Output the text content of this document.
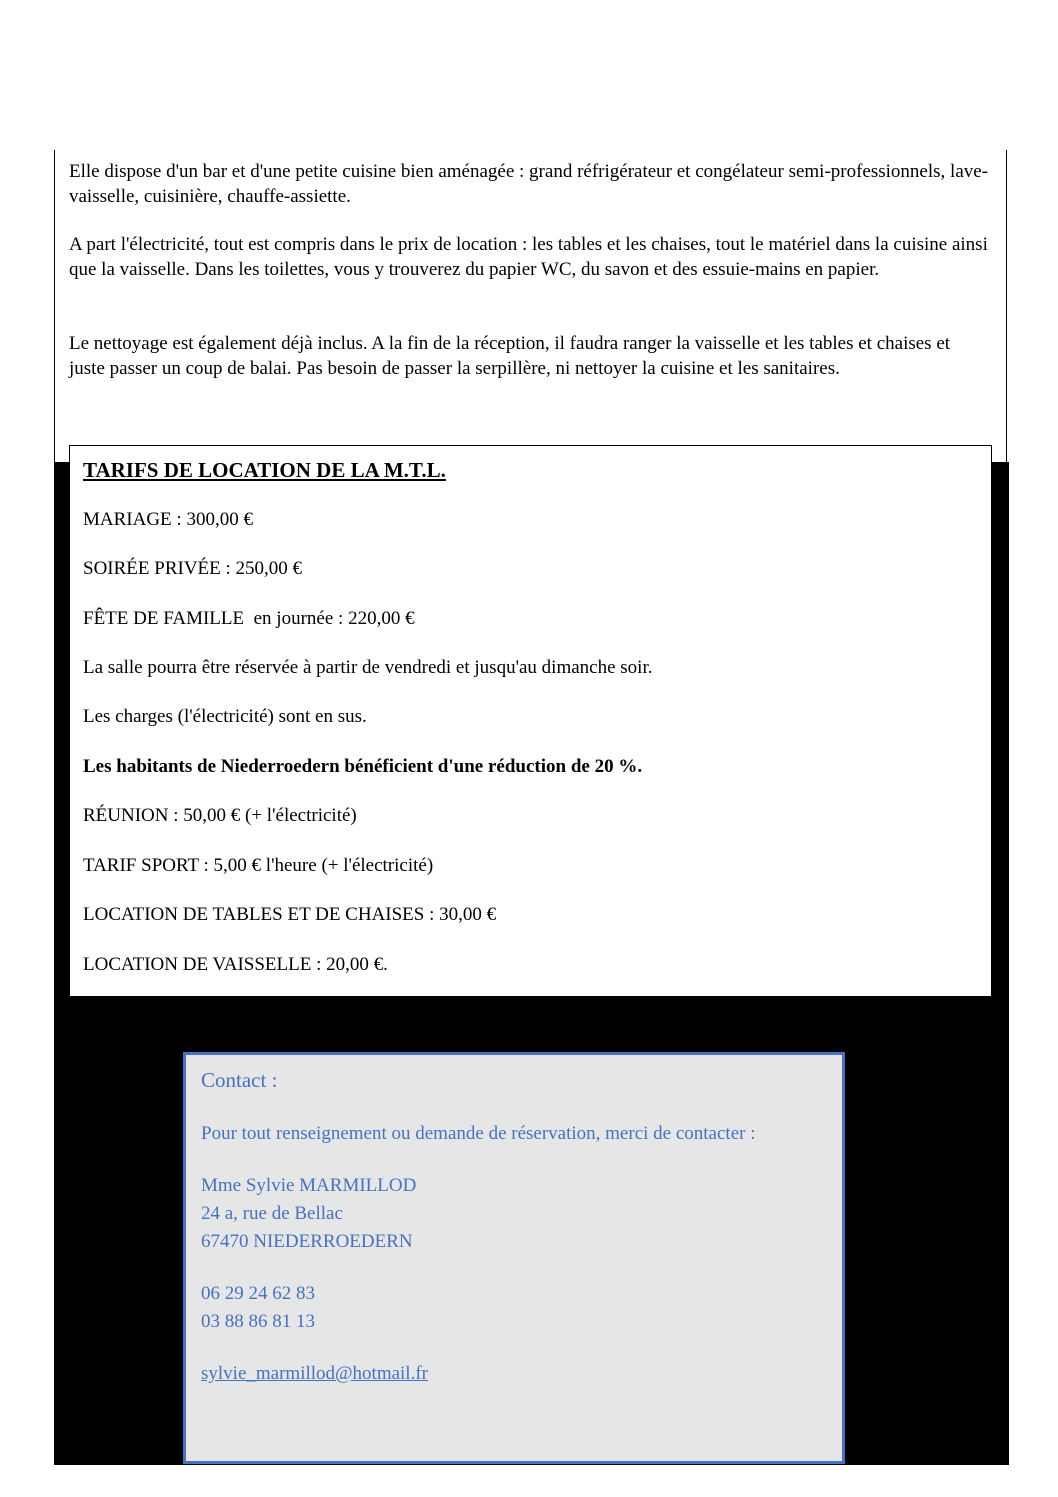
Elle dispose d'un bar et d'une petite cuisine bien aménagée : grand réfrigérateur et congélateur semi-professionnels, lave-vaisselle, cuisinière, chauffe-assiette.

A part l'électricité, tout est compris dans le prix de location : les tables et les chaises, tout le matériel dans la cuisine ainsi que la vaisselle. Dans les toilettes, vous y trouverez du papier WC, du savon et des essuie-mains en papier.

Le nettoyage est également déjà inclus. A la fin de la réception, il faudra ranger la vaisselle et les tables et chaises et juste passer un coup de balai. Pas besoin de passer la serpillère, ni nettoyer la cuisine et les sanitaires.

TARIFS DE LOCATION DE LA M.T.L.

MARIAGE : 300,00 €

SOIRÉE PRIVÉE : 250,00 €

FÊTE DE FAMILLE  en journée : 220,00 €

La salle pourra être réservée à partir de vendredi et jusqu'au dimanche soir.

Les charges (l'électricité) sont en sus.

Les habitants de Niederroedern bénéficient d'une réduction de 20 %.

RÉUNION : 50,00 € (+ l'électricité)

TARIF SPORT : 5,00 € l'heure (+ l'électricité)

LOCATION DE TABLES ET DE CHAISES : 30,00 €

LOCATION DE VAISSELLE : 20,00 €.

Contact :

Pour tout renseignement ou demande de réservation, merci de contacter :

Mme Sylvie MARMILLOD

24 a, rue de Bellac

67470 NIEDERROEDERN

06 29 24 62 83

03 88 86 81 13

sylvie_marmillod@hotmail.fr
